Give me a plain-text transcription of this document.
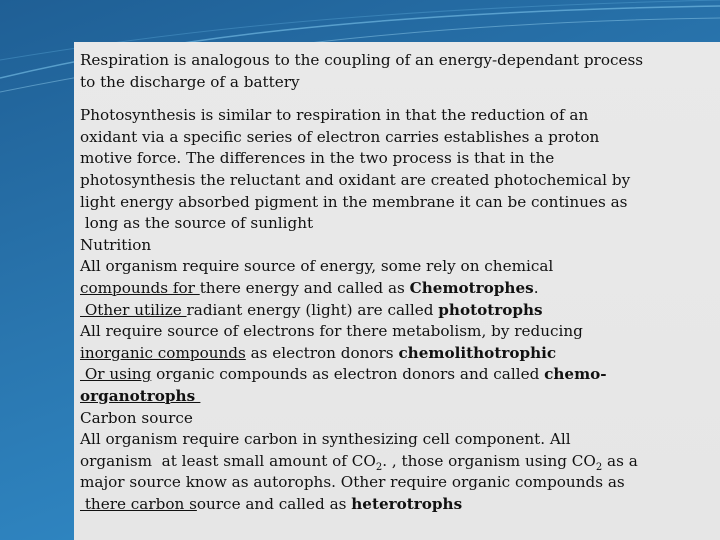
Respiration is analogous to the coupling of an energy-dependant process
to the discharge of a battery
Photosynthesis is similar to respiration in that the reduction of an
oxidant via a specific series of electron carries establishes a proton
motive force. The differences in the two process is that in the
photosynthesis the reluctant and oxidant are created photochemical by
light energy absorbed pigment in the membrane it can be continues as
long as the source of sunlight
Nutrition
All organism require source of energy, some rely on chemical
compounds for there energy and called as Chemotrophes.
Other utilize radiant energy (light) are called phototrophs
All require source of electrons for there metabolism, by reducing
inorganic compounds as electron donors chemolithotrophic
Or using organic compounds as electron donors and called chemo-
organotrophs
Carbon source
All organism require carbon in synthesizing cell component. All
organism  at least small amount of $CO_2$. , those organism using $CO_2$ as a
major source know as autorophs. Other require organic compounds as
there carbon source and called as heterotrophs
